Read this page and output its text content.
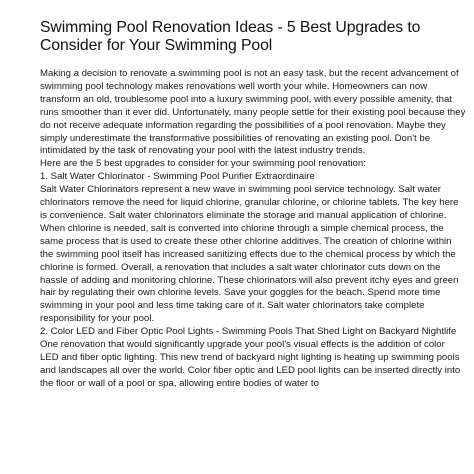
Swimming Pool Renovation Ideas - 5 Best Upgrades to Consider for Your Swimming Pool

Making a decision to renovate a swimming pool is not an easy task, but the recent advancement of swimming pool technology makes renovations well worth your while. Homeowners can now transform an old, troublesome pool into a luxury swimming pool, with every possible amenity, that runs smoother than it ever did. Unfortunately, many people settle for their existing pool because they do not receive adequate information regarding the possibilities of a pool renovation. Maybe they simply underestimate the transformative possibilities of renovating an existing pool. Don't be intimidated by the task of renovating your pool with the latest industry trends.

Here are the 5 best upgrades to consider for your swimming pool renovation:

1. Salt Water Chlorinator - Swimming Pool Purifier Extraordinaire

Salt Water Chlorinators represent a new wave in swimming pool service technology. Salt water chlorinators remove the need for liquid chlorine, granular chlorine, or chlorine tablets. The key here is convenience. Salt water chlorinators eliminate the storage and manual application of chlorine. When chlorine is needed, salt is converted into chlorine through a simple chemical process, the same process that is used to create these other chlorine additives. The creation of chlorine within the swimming pool itself has increased sanitizing effects due to the chemical process by which the chlorine is formed. Overall, a renovation that includes a salt water chlorinator cuts down on the hassle of adding and monitoring chlorine. These chlorinators will also prevent itchy eyes and green hair by regulating their own chlorine levels. Save your goggles for the beach. Spend more time swimming in your pool and less time taking care of it. Salt water chlorinators take complete responsibility for your pool.

2. Color LED and Fiber Optic Pool Lights - Swimming Pools That Shed Light on Backyard Nightlife

One renovation that would significantly upgrade your pool's visual effects is the addition of color LED and fiber optic lighting. This new trend of backyard night lighting is heating up swimming pools and landscapes all over the world. Color fiber optic and LED pool lights can be inserted directly into the floor or wall of a pool or spa, allowing entire bodies of water to
